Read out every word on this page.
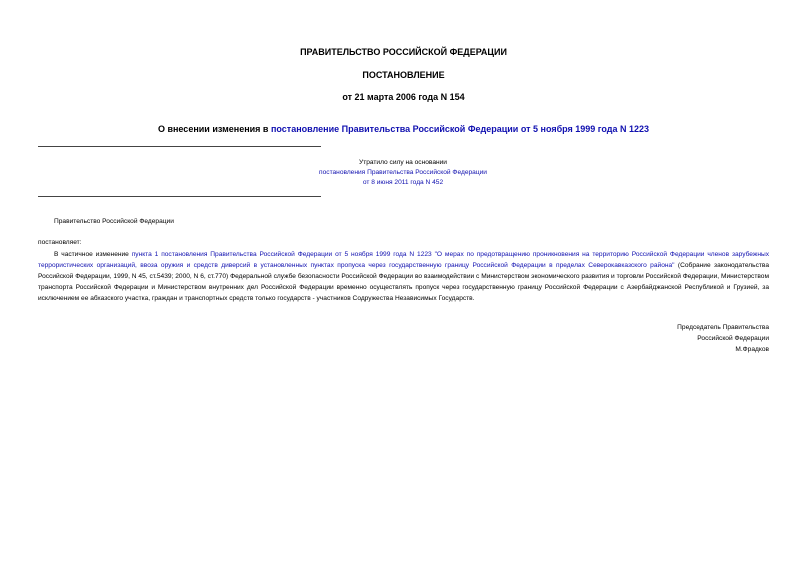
ПРАВИТЕЛЬСТВО РОССИЙСКОЙ ФЕДЕРАЦИИ
ПОСТАНОВЛЕНИЕ
от 21 марта 2006 года N 154
О внесении изменения в постановление Правительства Российской Федерации от 5 ноября 1999 года N 1223
Утратило силу на основании
постановления Правительства Российской Федерации
от 8 июня 2011 года N 452
Правительство Российской Федерации
постановляет:
В частичное изменение пункта 1 постановления Правительства Российской Федерации от 5 ноября 1999 года N 1223 "О мерах по предотвращению проникновения на территорию Российской Федерации членов зарубежных террористических организаций, ввоза оружия и средств диверсий в установленных пунктах пропуска через государственную границу Российской Федерации в пределах Северокавказского района" (Собрание законодательства Российской Федерации, 1999, N 45, ст.5439; 2000, N 6, ст.770) Федеральной службе безопасности Российской Федерации во взаимодействии с Министерством экономического развития и торговли Российской Федерации, Министерством транспорта Российской Федерации и Министерством внутренних дел Российской Федерации временно осуществлять пропуск через государственную границу Российской Федерации с Азербайджанской Республикой и Грузией, за исключением ее абхазского участка, граждан и транспортных средств только государств - участников Содружества Независимых Государств.
Председатель Правительства
Российской Федерации
М.Фрадков
